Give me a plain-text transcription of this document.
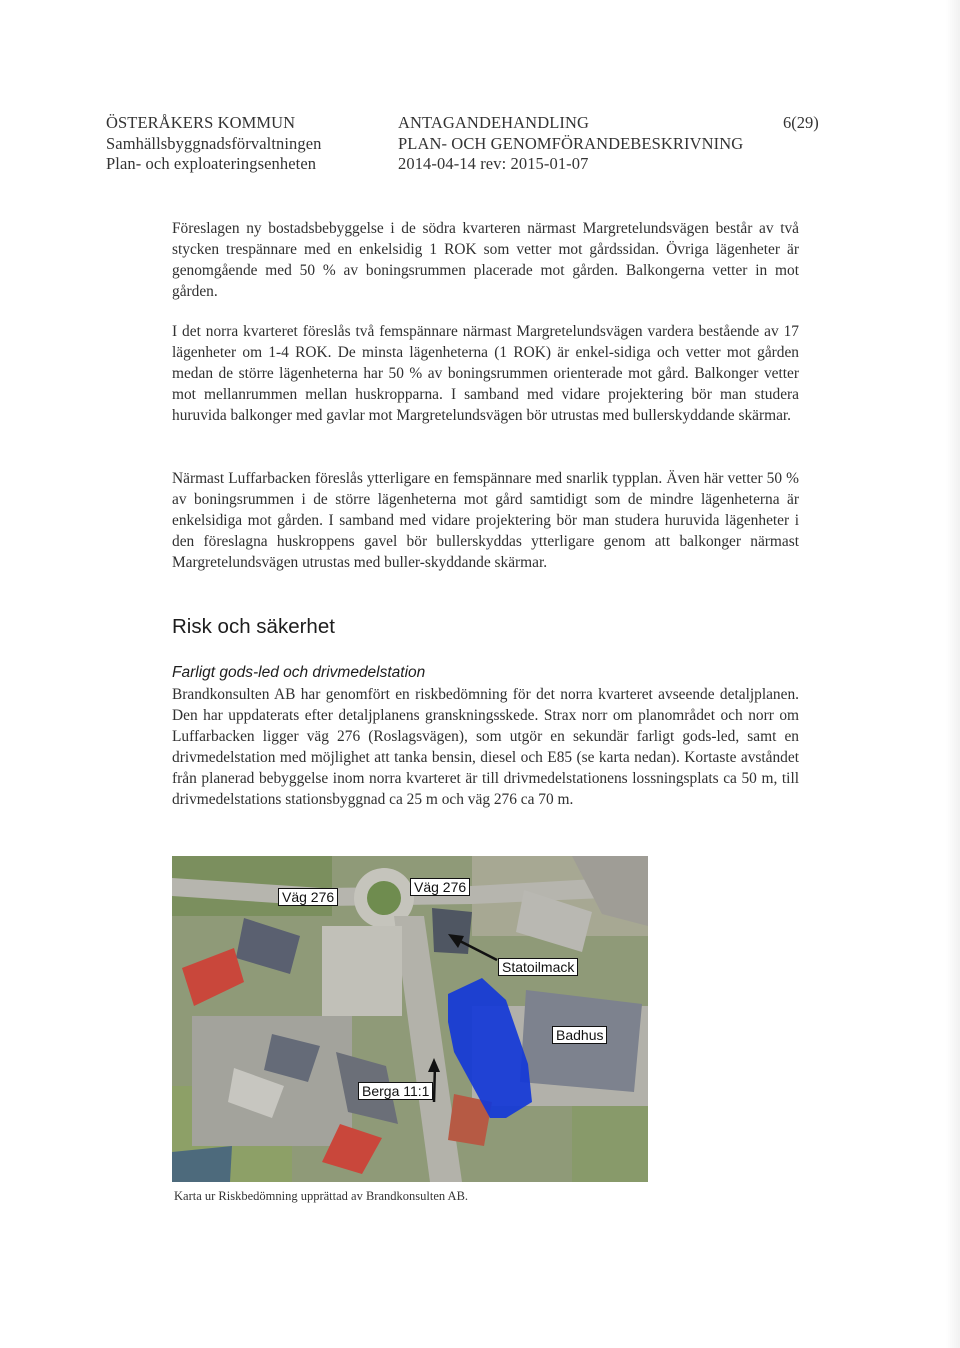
ÖSTERÅKERS KOMMUN
Samhällsbyggnadsförvaltningen
Plan- och exploateringsenheten
ANTAGANDEHANDLING
PLAN- OCH GENOMFÖRANDEBESKRIVNING
2014-04-14 rev: 2015-01-07
6(29)

Föreslagen ny bostadsbebyggelse i de södra kvarteren närmast Margretelundsvägen består av två stycken trespännare med en enkelsidig 1 ROK som vetter mot gårdssidan. Övriga lägenheter är genomgående med 50 % av boningsrummen placerade mot gården. Balkongerna vetter in mot gården.

I det norra kvarteret föreslås två femspännare närmast Margretelundsvägen vardera bestående av 17 lägenheter om 1-4 ROK. De minsta lägenheterna (1 ROK) är enkel-sidiga och vetter mot gården medan de större lägenheterna har 50 % av boningsrummen orienterade mot gård. Balkonger vetter mot mellanrummen mellan huskropparna. I samband med vidare projektering bör man studera huruvida balkonger med gavlar mot Margretelundsvägen bör utrustas med bullerskyddande skärmar.

Närmast Luffarbacken föreslås ytterligare en femspännare med snarlik typplan. Även här vetter 50 % av boningsrummen i de större lägenheterna mot gård samtidigt som de mindre lägenheterna är enkelsidiga mot gården. I samband med vidare projektering bör man studera huruvida lägenheter i den föreslagna huskroppens gavel bör bullerskyddas ytterligare genom att balkonger närmast Margretelundsvägen utrustas med buller-skyddande skärmar.

Risk och säkerhet
Farligt gods-led och drivmedelstation

Brandkonsulten AB har genomfört en riskbedömning för det norra kvarteret avseende detaljplanen. Den har uppdaterats efter detaljplanens granskningsskede. Strax norr om planområdet och norr om Luffarbacken ligger väg 276 (Roslagsvägen), som utgör en sekundär farligt gods-led, samt en drivmedelstation med möjlighet att tanka bensin, diesel och E85 (se karta nedan). Kortaste avståndet från planerad bebyggelse inom norra kvarteret är till drivmedelstationens lossningsplats ca 50 m, till drivmedelstations stationsbyggnad ca 25 m och väg 276 ca 70 m.

Väg 276
Väg 276
Statoilmack
Badhus
Berga 11:1
Karta ur Riskbedömning upprättad av Brandkonsulten AB.
